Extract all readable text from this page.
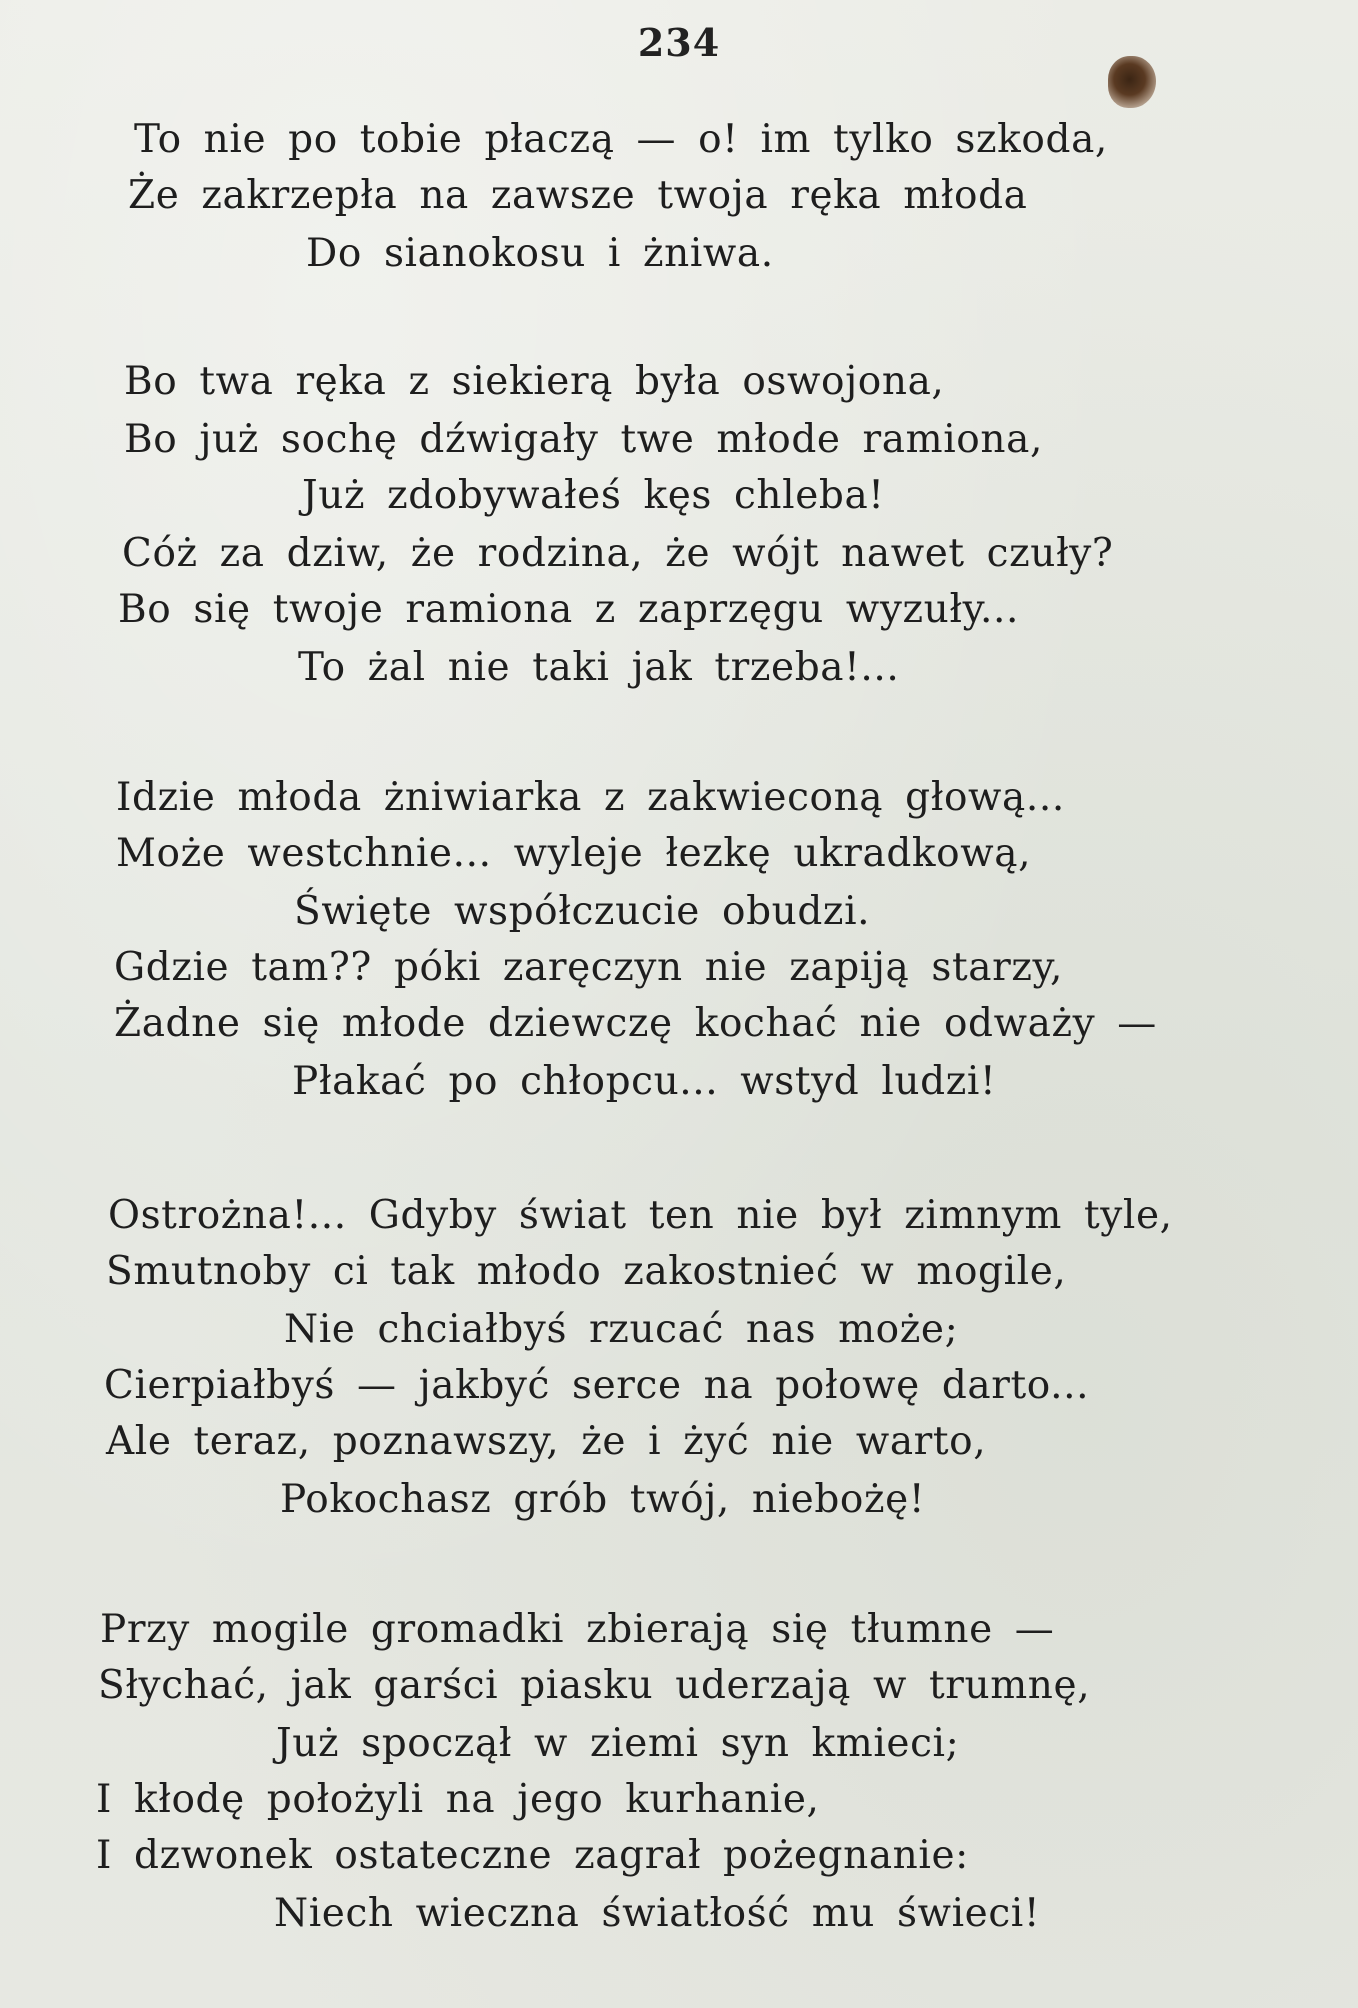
234
To nie po tobie płaczą — o! im tylko szkoda,
Że zakrzepła na zawsze twoja ręka młoda
Do sianokosu i żniwa.
Bo twa ręka z siekierą była oswojona,
Bo już sochę dźwigały twe młode ramiona,
Już zdobywałeś kęs chleba!
Cóż za dziw, że rodzina, że wójt nawet czuły?
Bo się twoje ramiona z zaprzęgu wyzuły...
To żal nie taki jak trzeba!...
Idzie młoda żniwiarka z zakwieconą głową...
Może westchnie... wyleje łezkę ukradkową,
Święte współczucie obudzi.
Gdzie tam?? póki zaręczyn nie zapiją starzy,
Żadne się młode dziewczę kochać nie odważy —
Płakać po chłopcu... wstyd ludzi!
Ostrożna!... Gdyby świat ten nie był zimnym tyle,
Smutnoby ci tak młodo zakostnieć w mogile,
Nie chciałbyś rzucać nas może;
Cierpiałbyś — jakbyć serce na połowę darto...
Ale teraz, poznawszy, że i żyć nie warto,
Pokochasz grób twój, niebożę!
Przy mogile gromadki zbierają się tłumne —
Słychać, jak garści piasku uderzają w trumnę,
Już spoczął w ziemi syn kmieci;
I kłodę położyli na jego kurhanie,
I dzwonek ostateczne zagrał pożegnanie:
Niech wieczna światłość mu świeci!
